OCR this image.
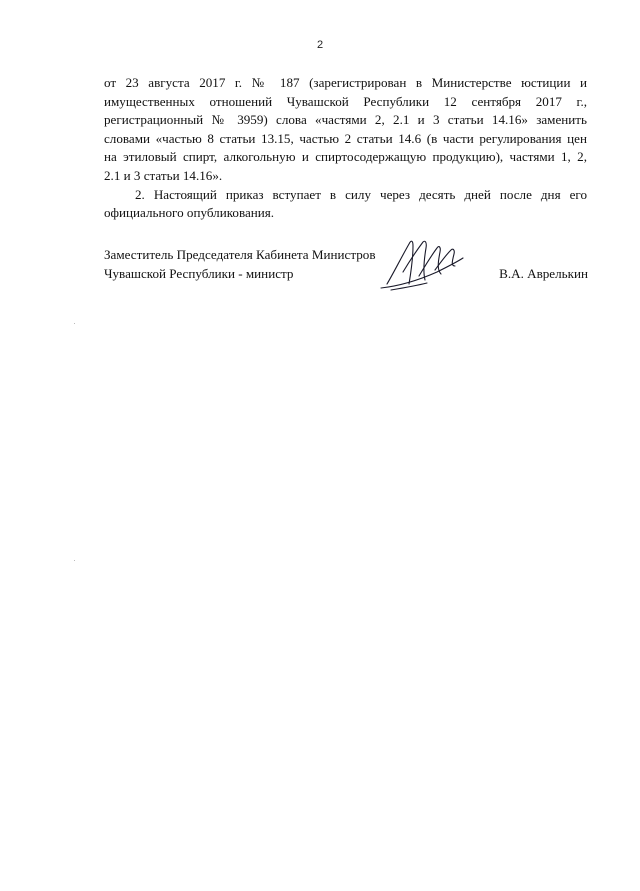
2

от 23 августа 2017 г. № 187 (зарегистрирован в Министерстве юстиции и
имущественных отношений Чувашской Республики 12 сентября 2017 г.,
регистрационный № 3959) слова «частями 2, 2.1 и 3 статьи 14.16» заменить
словами «частью 8 статьи 13.15, частью 2 статьи 14.6 (в части регулирования цен
на этиловый спирт, алкогольную и спиртосодержащую продукцию), частями 1, 2,
2.1 и 3 статьи 14.16».

2. Настоящий приказ вступает в силу через десять дней после дня его
официального опубликования.

Заместитель Председателя Кабинета Министров
Чувашской Республики - министр	В.А. Аврелькин
